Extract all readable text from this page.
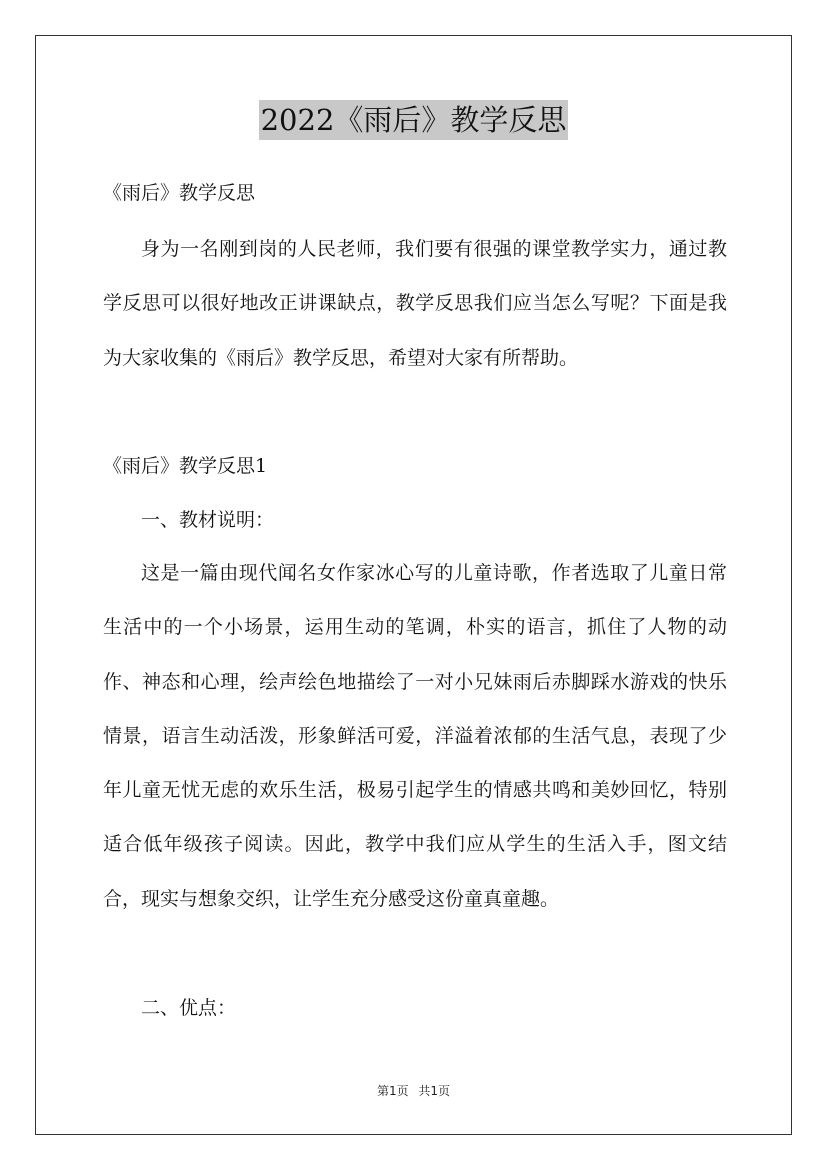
2022《雨后》教学反思

《雨后》教学反思

身为一名刚到岗的人民老师，我们要有很强的课堂教学实力，通过教学反思可以很好地改正讲课缺点，教学反思我们应当怎么写呢？下面是我为大家收集的《雨后》教学反思，希望对大家有所帮助。

《雨后》教学反思1

一、教材说明：

这是一篇由现代闻名女作家冰心写的儿童诗歌，作者选取了儿童日常生活中的一个小场景，运用生动的笔调，朴实的语言，抓住了人物的动作、神态和心理，绘声绘色地描绘了一对小兄妹雨后赤脚踩水游戏的快乐情景，语言生动活泼，形象鲜活可爱，洋溢着浓郁的生活气息，表现了少年儿童无忧无虑的欢乐生活，极易引起学生的情感共鸣和美妙回忆，特别适合低年级孩子阅读。因此，教学中我们应从学生的生活入手，图文结合，现实与想象交织，让学生充分感受这份童真童趣。

二、优点：

第1页 共1页
